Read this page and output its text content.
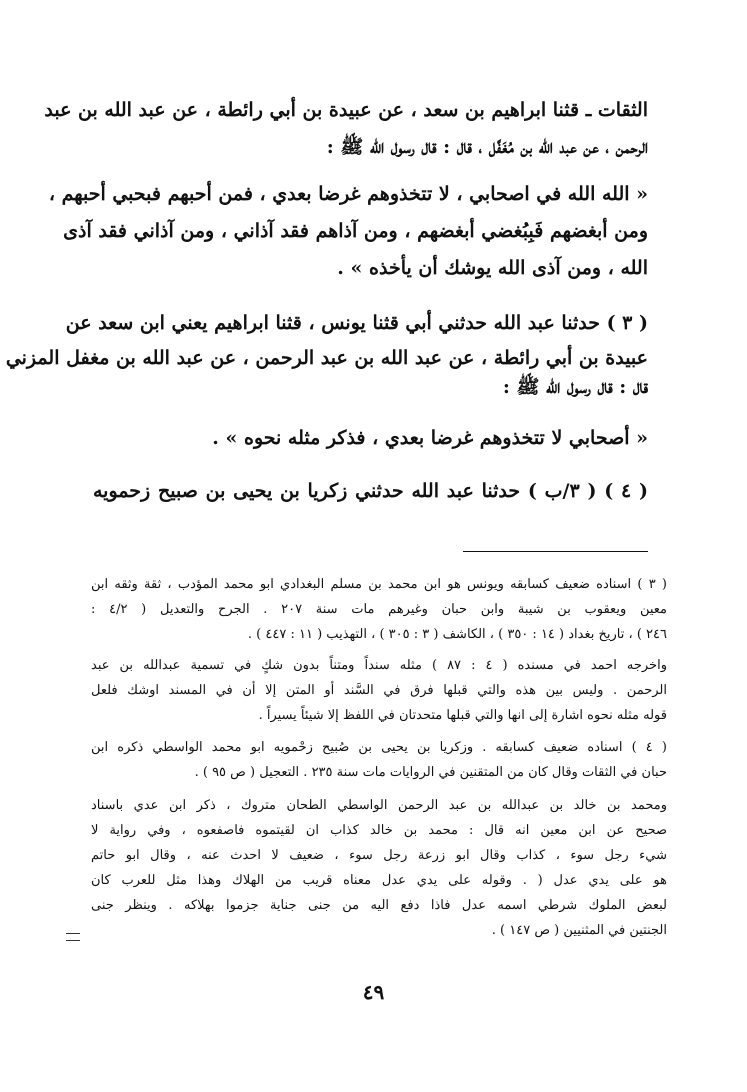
الثقات ـ قثنا ابراهيم بن سعد ، عن عبيدة بن أبي رائطة ، عن عبد الله بن عبد
الرحمن ، عن عبد الله بن مُغَفَّل ، قال : قال رسول الله ﷺ :
« الله الله في اصحابي ، لا تتخذوهم غرضا بعدي ، فمن أحبهم فبحبي أحبهم ،
ومن أبغضهم فَبِبُغضي أبغضهم ، ومن آذاهم فقد آذاني ، ومن آذاني فقد آذى
الله ، ومن آذى الله يوشك أن يأخذه » .
( ٣ ) حدثنا عبد الله حدثني أبي قثنا يونس ، قثنا ابراهيم يعني ابن سعد عن
عبيدة بن أبي رائطة ، عن عبد الله بن عبد الرحمن ، عن عبد الله بن مغفل المزني
قال : قال رسول الله ﷺ :
« أصحابي لا تتخذوهم غرضا بعدي ، فذكر مثله نحوه » .
( ٤ ) ( ٣/ب ) حدثنا عبد الله حدثني زكريا بن يحيى بن صبيح زحمويه
( ٣ ) اسناده ضعيف كسابقه ويونس هو ابن محمد بن مسلم البغدادي ابو محمد المؤدب ، ثقة وثقه ابن
معين ويعقوب بن شيبة وابن حبان وغيرهم مات سنة ٢٠٧ . الجرح والتعديل ( ٤/٢ :
٢٤٦ ) ، تاريخ بغداد ( ١٤ : ٣٥٠ ) ، الكاشف ( ٣ : ٣٠٥ ) ، التهذيب ( ١١ : ٤٤٧ ) .
واخرجه احمد في مسنده ( ٤ : ٨٧ ) مثله سنداً ومتناً بدون شكٍ في تسمية عبدالله بن عبد
الرحمن . وليس بين هذه والتي قبلها فرق في السَّند أو المتن إلا أن في المسند اوشك فلعل
قوله مثله نحوه اشارة إلى انها والتي قبلها متحدتان في اللفظ إلا شيئاً يسيراً .
( ٤ ) اسناده ضعيف كسابقه . وزكريا بن يحيى بن صُبيح زحْمويه ابو محمد الواسطي ذكره ابن
حبان في الثقات وقال كان من المتقنين في الروايات مات سنة ٢٣٥ . التعجيل ( ص ٩٥ ) .
ومحمد بن خالد بن عبدالله بن عبد الرحمن الواسطي الطحان متروك ، ذكر ابن عدي باسناد
صحيح عن ابن معين انه قال : محمد بن خالد كذاب ان لقيتموه فاصفعوه ، وفي رواية لا
شيء رجل سوء ، كذاب وقال ابو زرعة رجل سوء ، ضعيف لا احدث عنه ، وقال ابو حاتم
هو على يدي عدل ( . وقوله على يدي عدل معناه قريب من الهلاك وهذا مثل للعرب كان
لبعض الملوك شرطي اسمه عدل فاذا دفع اليه من جنى جناية جزموا بهلاكه . وينظر جنى
الجنتين في المثنيين ( ص ١٤٧ ) .
٤٩
